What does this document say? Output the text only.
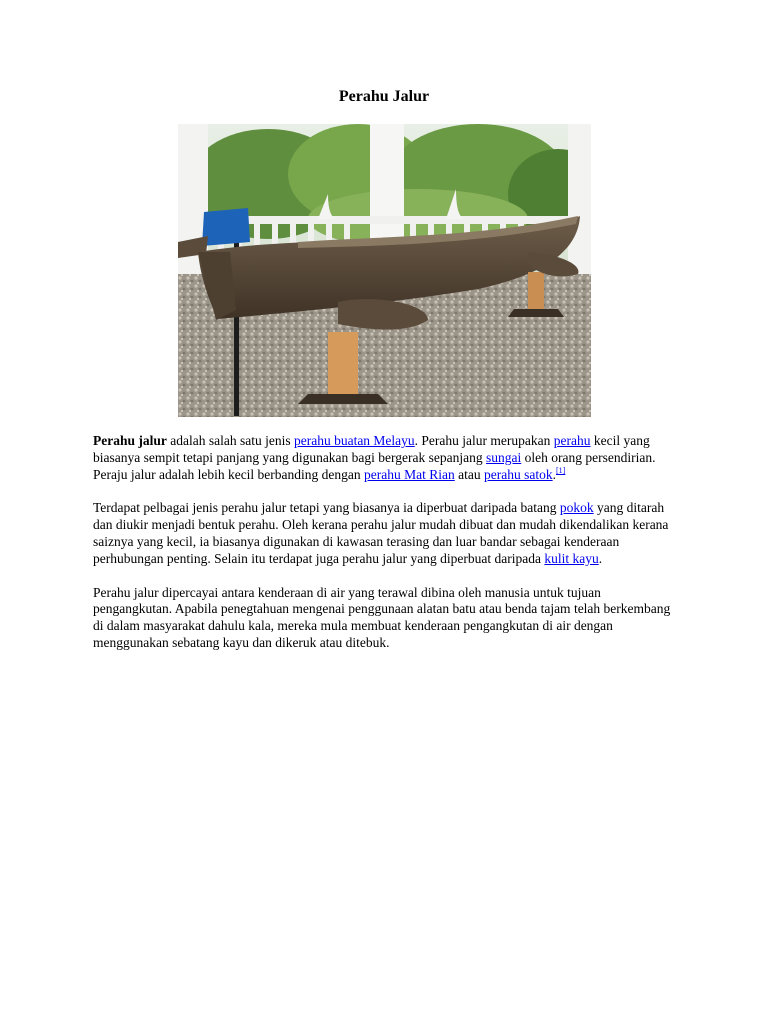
Perahu Jalur

Perahu jalur adalah salah satu jenis perahu buatan Melayu. Perahu jalur merupakan perahu kecil yang biasanya sempit tetapi panjang yang digunakan bagi bergerak sepanjang sungai oleh orang persendirian. Peraju jalur adalah lebih kecil berbanding dengan perahu Mat Rian atau perahu satok.[1]

Terdapat pelbagai jenis perahu jalur tetapi yang biasanya ia diperbuat daripada batang pokok yang ditarah dan diukir menjadi bentuk perahu. Oleh kerana perahu jalur mudah dibuat dan mudah dikendalikan kerana saiznya yang kecil, ia biasanya digunakan di kawasan terasing dan luar bandar sebagai kenderaan perhubungan penting. Selain itu terdapat juga perahu jalur yang diperbuat daripada kulit kayu.

Perahu jalur dipercayai antara kenderaan di air yang terawal dibina oleh manusia untuk tujuan pengangkutan. Apabila penegtahuan mengenai penggunaan alatan batu atau benda tajam telah berkembang di dalam masyarakat dahulu kala, mereka mula membuat kenderaan pengangkutan di air dengan menggunakan sebatang kayu dan dikeruk atau ditebuk.
